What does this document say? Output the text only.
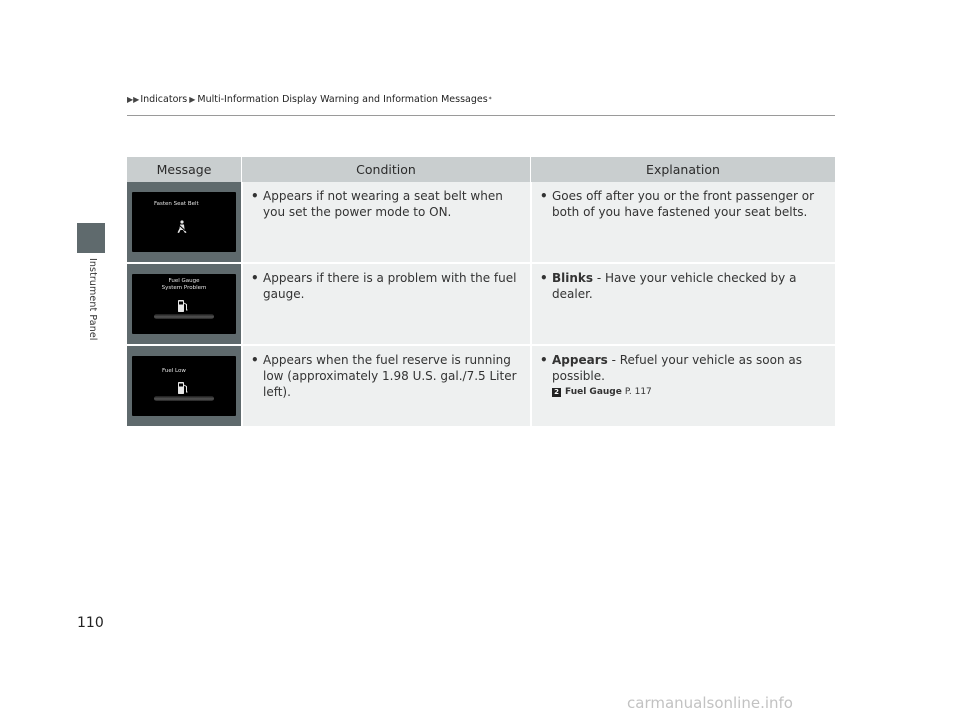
▶▶ Indicators ▶ Multi-Information Display Warning and Information Messages *
Instrument Panel
Message	Condition	Explanation
Fasten Seat Belt
• Appears if not wearing a seat belt when you set the power mode to ON.
• Goes off after you or the front passenger or both of you have fastened your seat belts.
Fuel Gauge
System Problem
• Appears if there is a problem with the fuel gauge.
• Blinks - Have your vehicle checked by a dealer.
Fuel Low
• Appears when the fuel reserve is running low (approximately 1.98 U.S. gal./7.5 Liter left).
• Appears - Refuel your vehicle as soon as possible.
2 Fuel Gauge P. 117
110
carmanualsonline.info
